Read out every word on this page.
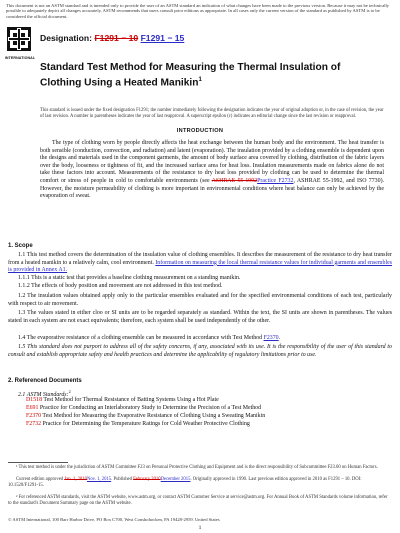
This document is not an ASTM standard and is intended only to provide the user of an ASTM standard an indication of what changes have been made to the previous version. Because it may not be technically possible to adequately depict all changes accurately, ASTM recommends that users consult prior editions as appropriate. In all cases only the current version of the standard as published by ASTM is to be considered the official document.
INTERNATIONAL
Designation: F1291 − 10 F1291 − 15
Standard Test Method for Measuring the Thermal Insulation of Clothing Using a Heated Manikin$^1$
This standard is issued under the fixed designation F1291; the number immediately following the designation indicates the year of original adoption or, in the case of revision, the year of last revision. A number in parentheses indicates the year of last reapproval. A superscript epsilon (ε) indicates an editorial change since the last revision or reapproval.
INTRODUCTION
The type of clothing worn by people directly affects the heat exchange between the human body and the environment. The heat transfer is both sensible (conduction, convection, and radiation) and latent (evaporation). The insulation provided by a clothing ensemble is dependent upon the designs and materials used in the component garments, the amount of body surface area covered by clothing, distribution of the fabric layers over the body, looseness or tightness of fit, and the increased surface area for heat loss. Insulation measurements made on fabrics alone do not take these factors into account. Measurements of the resistance to dry heat loss provided by clothing can be used to determine the thermal comfort or stress of people in cold to comfortable environments (see ASHRAE 55-1992Practice F2732, ASHRAE 55-1992, and ISO 7730). However, the moisture permeability of clothing is more important in environmental conditions where heat balance can only be achieved by the evaporation of sweat.
1. Scope
1.1 This test method covers the determination of the insulation value of clothing ensembles. It describes the measurement of the resistance to dry heat transfer from a heated manikin to a relatively calm, cool environment. Information on measuring the local thermal resistance values for individual garments and ensembles is provided in Annex A1.
1.1.1 This is a static test that provides a baseline clothing measurement on a standing manikin.
1.1.2 The effects of body position and movement are not addressed in this test method.
1.2 The insulation values obtained apply only to the particular ensembles evaluated and for the specified environmental conditions of each test, particularly with respect to air movement.
1.3 The values stated in either cloo or SI units are to be regarded separately as standard. Within the text, the SI units are shown in parentheses. The values stated in each system are not exact equivalents; therefore, each system shall be used independently of the other.
1.4 The evaporative resistance of a clothing ensemble can be measured in accordance with Test Method F2370.
1.5 This standard does not purport to address all of the safety concerns, if any, associated with its use. It is the responsibility of the user of this standard to consult and establish appropriate safety and health practices and determine the applicability of regulatory limitations prior to use.
2. Referenced Documents
2.1 ASTM Standards:$^2$
D1518 Test Method for Thermal Resistance of Batting Systems Using a Hot Plate
E691 Practice for Conducting an Interlaboratory Study to Determine the Precision of a Test Method
F2370 Test Method for Measuring the Evaporative Resistance of Clothing Using a Sweating Manikin
F2732 Practice for Determining the Temperature Ratings for Cold Weather Protective Clothing
¹ This test method is under the jurisdiction of ASTM Committee F23 on Personal Protective Clothing and Equipment and is the direct responsibility of Subcommittee F23.60 on Human Factors.
Current edition approved Jan. 1, 2010Nov. 1, 2015. Published February 2010December 2015. Originally approved in 1990. Last previous edition approved in 2010 as F1291 – 10. DOI: 10.1520/F1291-15.
² For referenced ASTM standards, visit the ASTM website, www.astm.org, or contact ASTM Customer Service at service@astm.org. For Annual Book of ASTM Standards volume information, refer to the standard's Document Summary page on the ASTM website.
© ASTM International, 100 Barr Harbor Drive, PO Box C700, West Conshohocken, PA 19428-2959. United States
1
